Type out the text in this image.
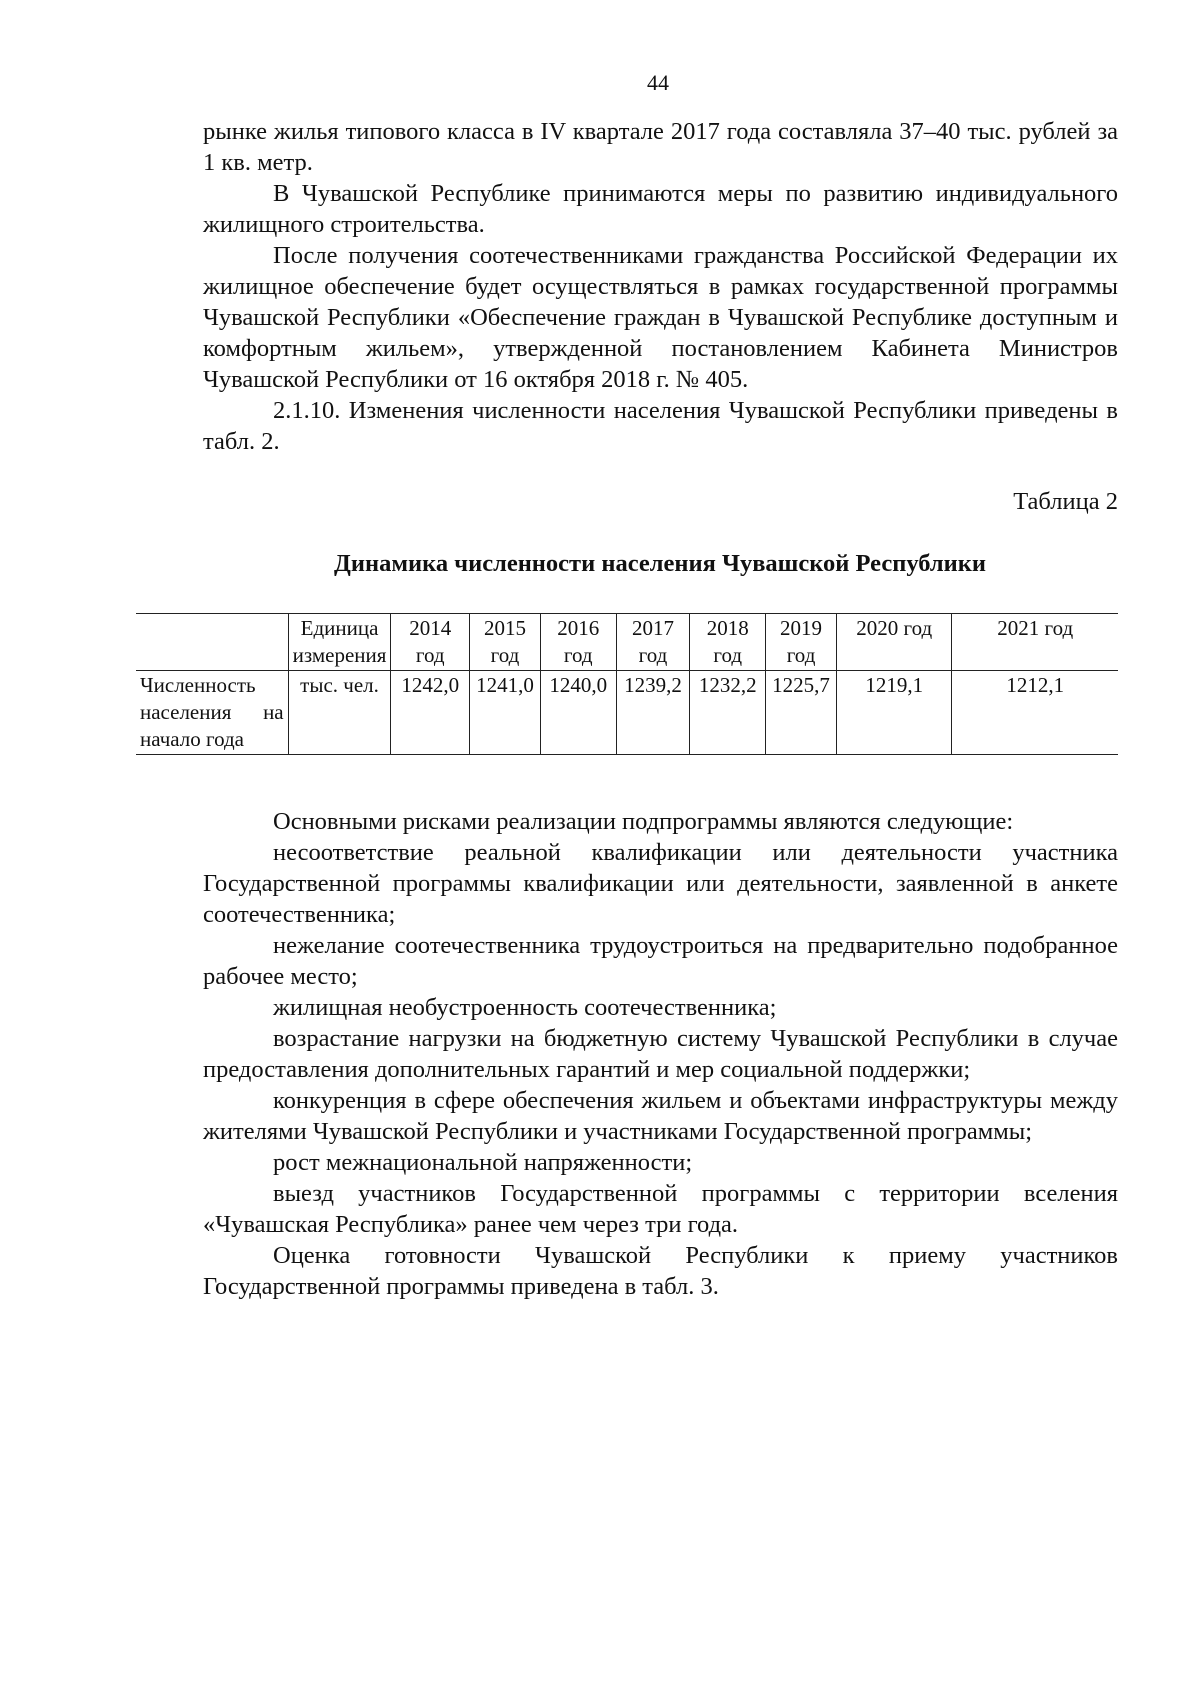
44

рынке жилья типового класса в IV квартале 2017 года составляла 37–40 тыс. рублей за 1 кв. метр.

В Чувашской Республике принимаются меры по развитию индивидуального жилищного строительства.

После получения соотечественниками гражданства Российской Федерации их жилищное обеспечение будет осуществляться в рамках государственной программы Чувашской Республики «Обеспечение граждан в Чувашской Республике доступным и комфортным жильем», утвержденной постановлением Кабинета Министров Чувашской Республики от 16 октября 2018 г. № 405.

2.1.10. Изменения численности населения Чувашской Республики приведены в табл. 2.

Таблица 2
Динамика численности населения Чувашской Республики
	Единица измерения	2014 год	2015 год	2016 год	2017 год	2018 год	2019 год	2020 год	2021 год
Численность населения на начало года	тыс. чел.	1242,0	1241,0	1240,0	1239,2	1232,2	1225,7	1219,1	1212,1

Основными рисками реализации подпрограммы являются следующие:

несоответствие реальной квалификации или деятельности участника Государственной программы квалификации или деятельности, заявленной в анкете соотечественника;

нежелание соотечественника трудоустроиться на предварительно подобранное рабочее место;

жилищная необустроенность соотечественника;

возрастание нагрузки на бюджетную систему Чувашской Республики в случае предоставления дополнительных гарантий и мер социальной поддержки;

конкуренция в сфере обеспечения жильем и объектами инфраструктуры между жителями Чувашской Республики и участниками Государственной программы;

рост межнациональной напряженности;

выезд участников Государственной программы с территории вселения «Чувашская Республика» ранее чем через три года.

Оценка готовности Чувашской Республики к приему участников Государственной программы приведена в табл. 3.
